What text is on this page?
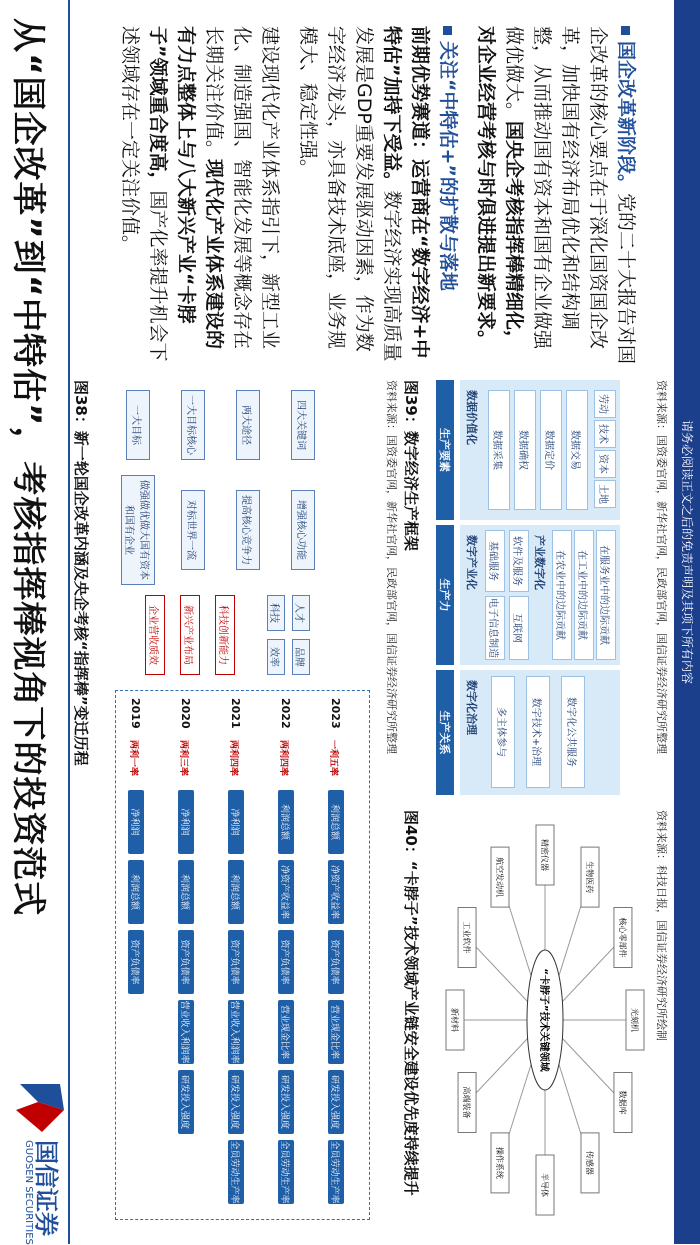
请务必阅读正文之后的免责声明及其项下所有内容
从“国企改革”到“中特估”，考核指挥棒视角下的投资范式
国信证券
GUOSEN SECURITIES

国企改革新阶段。党的二十大报告对国企改革的核心要点在于深化国资国企改革，加快国有经济布局优化和结构调整，从而推动国有资本和国有企业做强做优做大。国央企考核指挥棒精细化，对企业经营考核与时俱进提出新要求。

关注“中特估+”的扩散与落地

前期优势赛道：运营商在“数字经济+中特估”加持下受益。数字经济实现高质量发展是GDP重要发展驱动因素，作为数字经济龙头，亦具备技术底座，业务规模大、稳定性强。

建设现代化产业体系指引下，新型工业化、制造强国、智能化发展等概念存在长期关注价值。现代化产业体系建设的有力点整体上与八大新兴产业“卡脖子”领域重合度高，国产化率提升机会下述领域存在一定关注价值。

图38：新一轮国企改革内涵及央企考核“指挥棒”变迁历程	一大目标	一大目标核心	两大途径	四大关键词
做强做优做大国有资本和国有企业	对标世界一流	提高核心竞争力	增强核心功能
企业营收质效	新兴产业布局	科技创新能力	科技
效率
人才
品牌
2019
两利一率
净利润
利润总额
资产负债率
2020
两利三率
净利润
利润总额
资产负债率
营业收入利润率
研发投入强度
2021
两利四率
净利润
利润总额
资产负债率
营业收入利润率
研发投入强度
全员劳动生产率
2022
两利四率
利润总额
净资产收益率
资产负债率
营业现金比率
研发投入强度
全员劳动生产率
2023
一利五率
利润总额
净资产收益率
资产负债率
营业现金比率
研发投入强度
全员劳动生产率
资料来源：国资委官网，新华社官网，民政部官网，国信证券经济研究所整理 图39：数字经济生产框架 生产要素
生产力
生产关系
数据价值化
数据采集	数据确权	数据定价	数据交易
劳动
技术
资本
土地
数字产业化 基础服务
电子信息制造
软件及服务
互联网
产业数字化 在农业中的边际贡献	在工业中的边际贡献	在服务业中的边际贡献
数字化治理	多主体参与	数字技术+治理	数字化公共服务	资料来源：国资委官网，新华社官网，民政部官网，国信证券经济研究所整理
图40：“卡脖子”技术领域产业链安全建设优先度持续提升	半导体
操作系统
高端装备
新材料
工业软件
航空发动机
精密仪器
生物医药
核心零部件
光刻机
数据库
传感器
“卡脖子”技术关键领域	资料来源：科技日报，国信证券经济研究所绘制
